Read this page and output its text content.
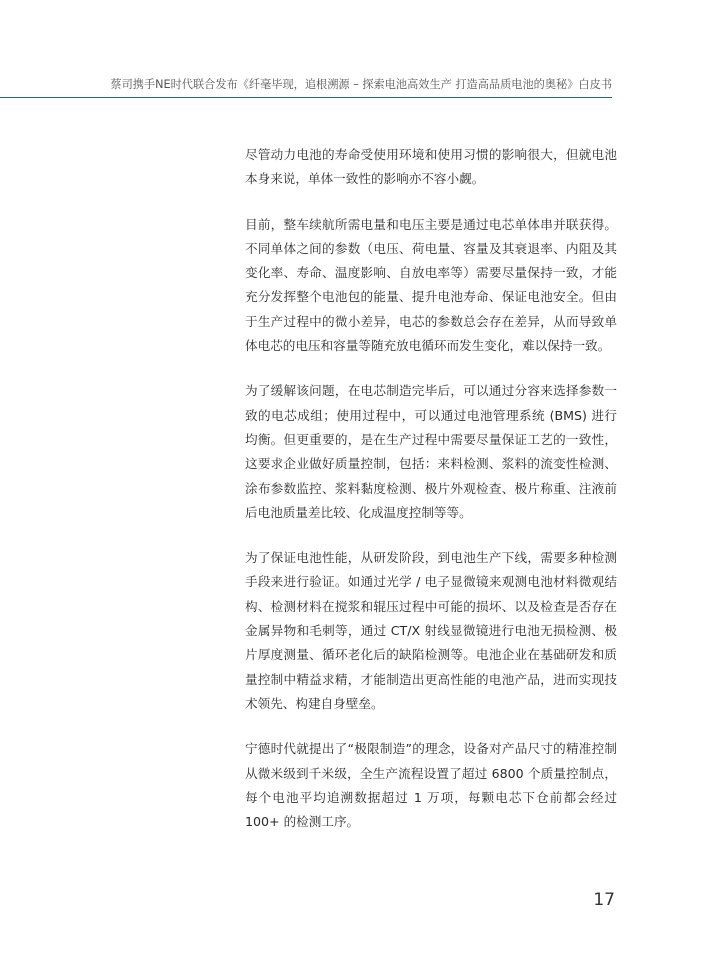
蔡司携手NE时代联合发布《纤毫毕现，追根溯源 – 探索电池高效生产 打造高品质电池的奥秘》白皮书

尽管动力电池的寿命受使用环境和使用习惯的影响很大，但就电池本身来说，单体一致性的影响亦不容小觑。

目前，整车续航所需电量和电压主要是通过电芯单体串并联获得。不同单体之间的参数（电压、荷电量、容量及其衰退率、内阻及其变化率、寿命、温度影响、自放电率等）需要尽量保持一致，才能充分发挥整个电池包的能量、提升电池寿命、保证电池安全。但由于生产过程中的微小差异，电芯的参数总会存在差异，从而导致单体电芯的电压和容量等随充放电循环而发生变化，难以保持一致。

为了缓解该问题，在电芯制造完毕后，可以通过分容来选择参数一致的电芯成组；使用过程中，可以通过电池管理系统 (BMS) 进行均衡。但更重要的，是在生产过程中需要尽量保证工艺的一致性，这要求企业做好质量控制，包括：来料检测、浆料的流变性检测、涂布参数监控、浆料黏度检测、极片外观检查、极片称重、注液前后电池质量差比较、化成温度控制等等。

为了保证电池性能，从研发阶段，到电池生产下线，需要多种检测手段来进行验证。如通过光学 / 电子显微镜来观测电池材料微观结构、检测材料在搅浆和辊压过程中可能的损坏、以及检查是否存在金属异物和毛刺等，通过 CT/X 射线显微镜进行电池无损检测、极片厚度测量、循环老化后的缺陷检测等。电池企业在基础研发和质量控制中精益求精，才能制造出更高性能的电池产品，进而实现技术领先、构建自身壁垒。

宁德时代就提出了“极限制造”的理念，设备对产品尺寸的精准控制从微米级到千米级，全生产流程设置了超过 6800 个质量控制点，每个电池平均追溯数据超过 1 万项，每颗电芯下仓前都会经过 100+ 的检测工序。

17
